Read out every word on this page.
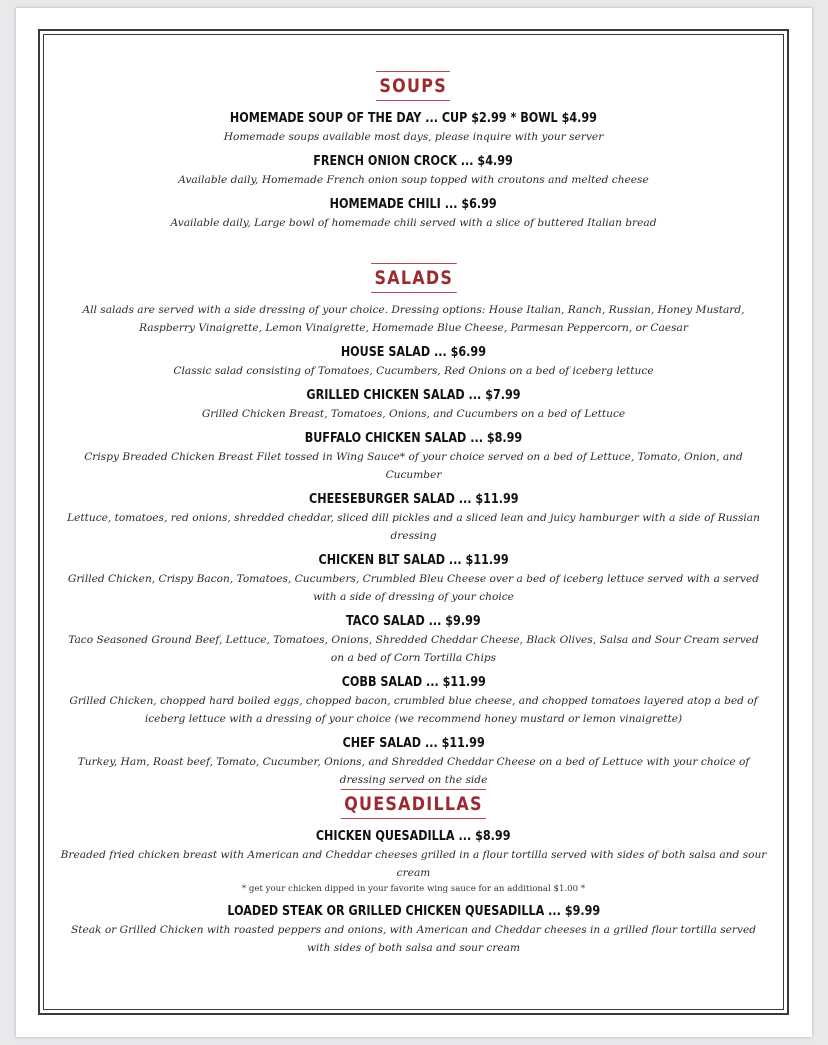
SOUPS
HOMEMADE SOUP OF THE DAY ... CUP $2.99 * BOWL $4.99
Homemade soups available most days, please inquire with your server
FRENCH ONION CROCK ... $4.99
Available daily, Homemade French onion soup topped with croutons and melted cheese
HOMEMADE CHILI ... $6.99
Available daily, Large bowl of homemade chili served with a slice of buttered Italian bread
SALADS
All salads are served with a side dressing of your choice. Dressing options: House Italian, Ranch, Russian, Honey Mustard, Raspberry Vinaigrette, Lemon Vinaigrette, Homemade Blue Cheese, Parmesan Peppercorn, or Caesar
HOUSE SALAD ... $6.99
Classic salad consisting of Tomatoes, Cucumbers, Red Onions on a bed of iceberg lettuce
GRILLED CHICKEN SALAD ... $7.99
Grilled Chicken Breast, Tomatoes, Onions, and Cucumbers on a bed of Lettuce
BUFFALO CHICKEN SALAD ... $8.99
Crispy Breaded Chicken Breast Filet tossed in Wing Sauce* of your choice served on a bed of Lettuce, Tomato, Onion, and Cucumber
CHEESEBURGER SALAD ... $11.99
Lettuce, tomatoes, red onions, shredded cheddar, sliced dill pickles and a sliced lean and juicy hamburger with a side of Russian dressing
CHICKEN BLT SALAD ... $11.99
Grilled Chicken, Crispy Bacon, Tomatoes, Cucumbers, Crumbled Bleu Cheese over a bed of iceberg lettuce served with a served with a side of dressing of your choice
TACO SALAD ... $9.99
Taco Seasoned Ground Beef, Lettuce, Tomatoes, Onions, Shredded Cheddar Cheese, Black Olives, Salsa and Sour Cream served on a bed of Corn Tortilla Chips
COBB SALAD ... $11.99
Grilled Chicken, chopped hard boiled eggs, chopped bacon, crumbled blue cheese, and chopped tomatoes layered atop a bed of iceberg lettuce with a dressing of your choice (we recommend honey mustard or lemon vinaigrette)
CHEF SALAD ... $11.99
Turkey, Ham, Roast beef, Tomato, Cucumber, Onions, and Shredded Cheddar Cheese on a bed of Lettuce with your choice of dressing served on the side
QUESADILLAS
CHICKEN QUESADILLA ... $8.99
Breaded fried chicken breast with American and Cheddar cheeses grilled in a flour tortilla served with sides of both salsa and sour cream
* get your chicken dipped in your favorite wing sauce for an additional $1.00 *
LOADED STEAK OR GRILLED CHICKEN QUESADILLA ... $9.99
Steak or Grilled Chicken with roasted peppers and onions, with American and Cheddar cheeses in a grilled flour tortilla served with sides of both salsa and sour cream
